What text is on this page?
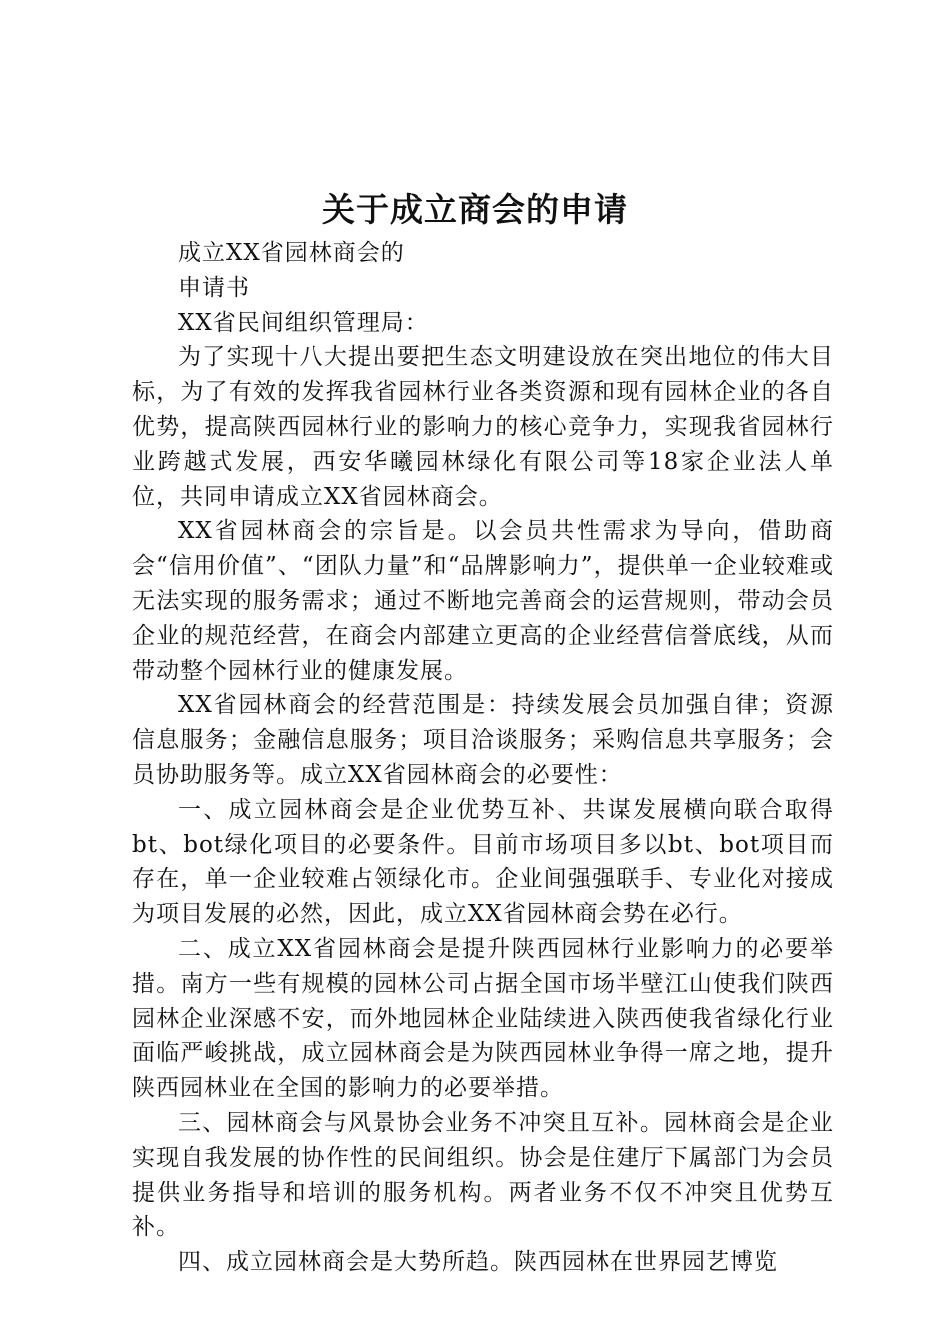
关于成立商会的申请

成立XX省园林商会的

申请书

XX省民间组织管理局：

为了实现十八大提出要把生态文明建设放在突出地位的伟大目标，为了有效的发挥我省园林行业各类资源和现有园林企业的各自优势，提高陕西园林行业的影响力的核心竞争力，实现我省园林行业跨越式发展，西安华曦园林绿化有限公司等18家企业法人单位，共同申请成立XX省园林商会。

XX省园林商会的宗旨是。以会员共性需求为导向，借助商会“信用价值”、“团队力量”和“品牌影响力”，提供单一企业较难或无法实现的服务需求；通过不断地完善商会的运营规则，带动会员企业的规范经营，在商会内部建立更高的企业经营信誉底线，从而带动整个园林行业的健康发展。

XX省园林商会的经营范围是：持续发展会员加强自律；资源信息服务；金融信息服务；项目洽谈服务；采购信息共享服务；会员协助服务等。成立XX省园林商会的必要性：

一、成立园林商会是企业优势互补、共谋发展横向联合取得bt、bot绿化项目的必要条件。目前市场项目多以bt、bot项目而存在，单一企业较难占领绿化市。企业间强强联手、专业化对接成为项目发展的必然，因此，成立XX省园林商会势在必行。

二、成立XX省园林商会是提升陕西园林行业影响力的必要举措。南方一些有规模的园林公司占据全国市场半壁江山使我们陕西园林企业深感不安，而外地园林企业陆续进入陕西使我省绿化行业面临严峻挑战，成立园林商会是为陕西园林业争得一席之地，提升陕西园林业在全国的影响力的必要举措。

三、园林商会与风景协会业务不冲突且互补。园林商会是企业实现自我发展的协作性的民间组织。协会是住建厅下属部门为会员提供业务指导和培训的服务机构。两者业务不仅不冲突且优势互补。

四、成立园林商会是大势所趋。陕西园林在世界园艺博览
